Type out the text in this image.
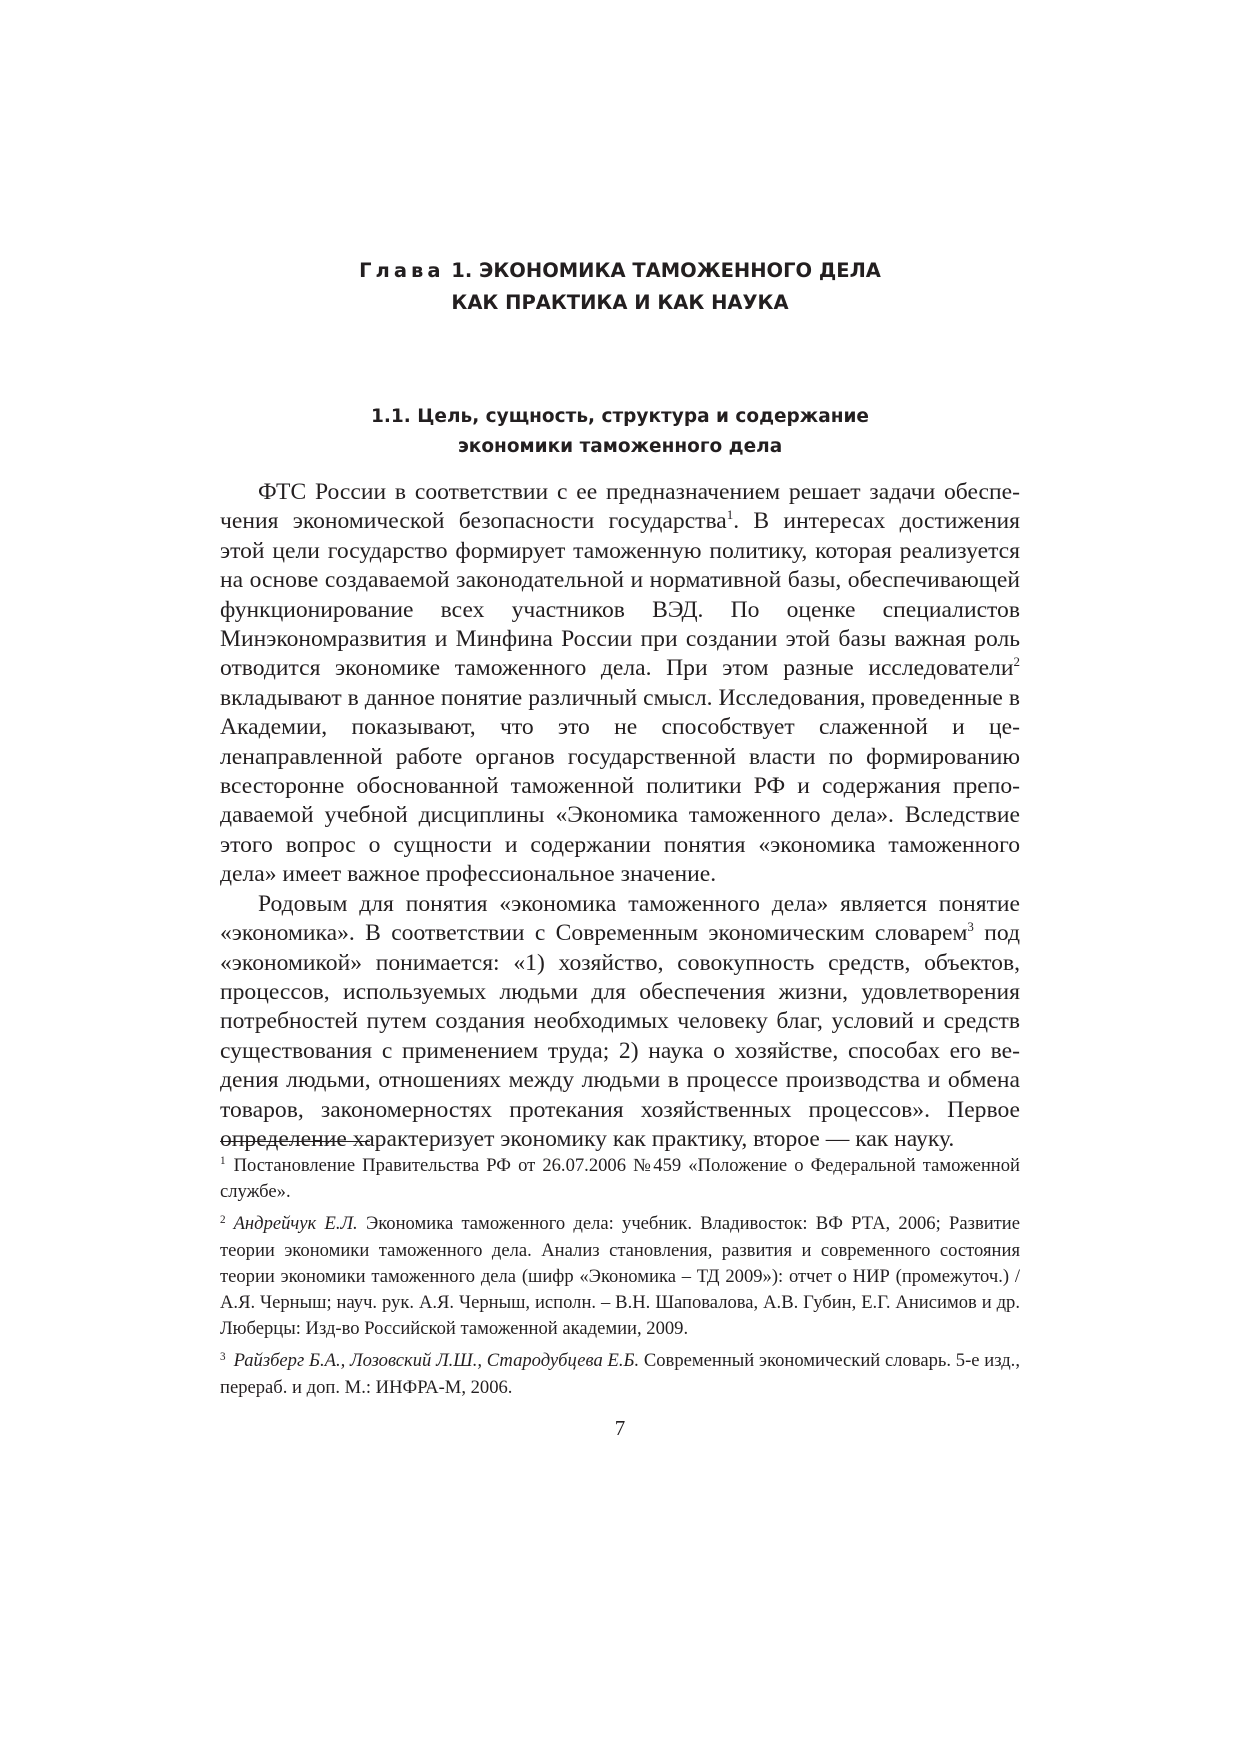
Глава 1. ЭКОНОМИКА ТАМОЖЕННОГО ДЕЛА
КАК ПРАКТИКА И КАК НАУКА
1.1. Цель, сущность, структура и содержание
экономики таможенного дела

ФТС России в соответствии с ее предназначением решает задачи обеспечения экономической безопасности государства$^1$. В интересах достижения этой цели государство формирует таможенную политику, которая реализуется на основе создаваемой законодательной и нормативной базы, обеспечивающей функционирование всех участников ВЭД. По оценке специалистов Минэкономразвития и Минфина России при создании этой базы важная роль отводится экономике таможенного дела. При этом разные исследователи$^2$ вкладывают в данное понятие различный смысл. Исследования, проведенные в Академии, показывают, что это не способствует слаженной и целенаправленной работе органов государственной власти по формированию всесторонне обоснованной таможенной политики РФ и содержания преподаваемой учебной дисциплины «Экономика таможенного дела». Вследствие этого вопрос о сущности и содержании понятия «экономика таможенного дела» имеет важное профессиональное значение.

Родовым для понятия «экономика таможенного дела» является понятие «экономика». В соответствии с Современным экономическим словарем$^3$ под «экономикой» понимается: «1) хозяйство, совокупность средств, объектов, процессов, используемых людьми для обеспечения жизни, удовлетворения потребностей путем создания необходимых человеку благ, условий и средств существования с применением труда; 2) наука о хозяйстве, способах его ведения людьми, отношениях между людьми в процессе производства и обмена товаров, закономерностях протекания хозяйственных процессов». Первое определение характеризует экономику как практику, второе — как науку.

$^1$ Постановление Правительства РФ от 26.07.2006 №459 «Положение о Федеральной таможенной службе».

$^2$ Андрейчук Е.Л. Экономика таможенного дела: учебник. Владивосток: ВФ РТА, 2006; Развитие теории экономики таможенного дела. Анализ становления, развития и современного состояния теории экономики таможенного дела (шифр «Экономика – ТД 2009»): отчет о НИР (промежуточ.) / А.Я. Черныш; науч. рук. А.Я. Черныш, исполн. – В.Н. Шаповалова, А.В. Губин, Е.Г. Анисимов и др. Люберцы: Изд-во Российской таможенной академии, 2009.

$^3$ Райзберг Б.А., Лозовский Л.Ш., Стародубцева Е.Б. Современный экономический словарь. 5-е изд., перераб. и доп. М.: ИНФРА-М, 2006.

7
